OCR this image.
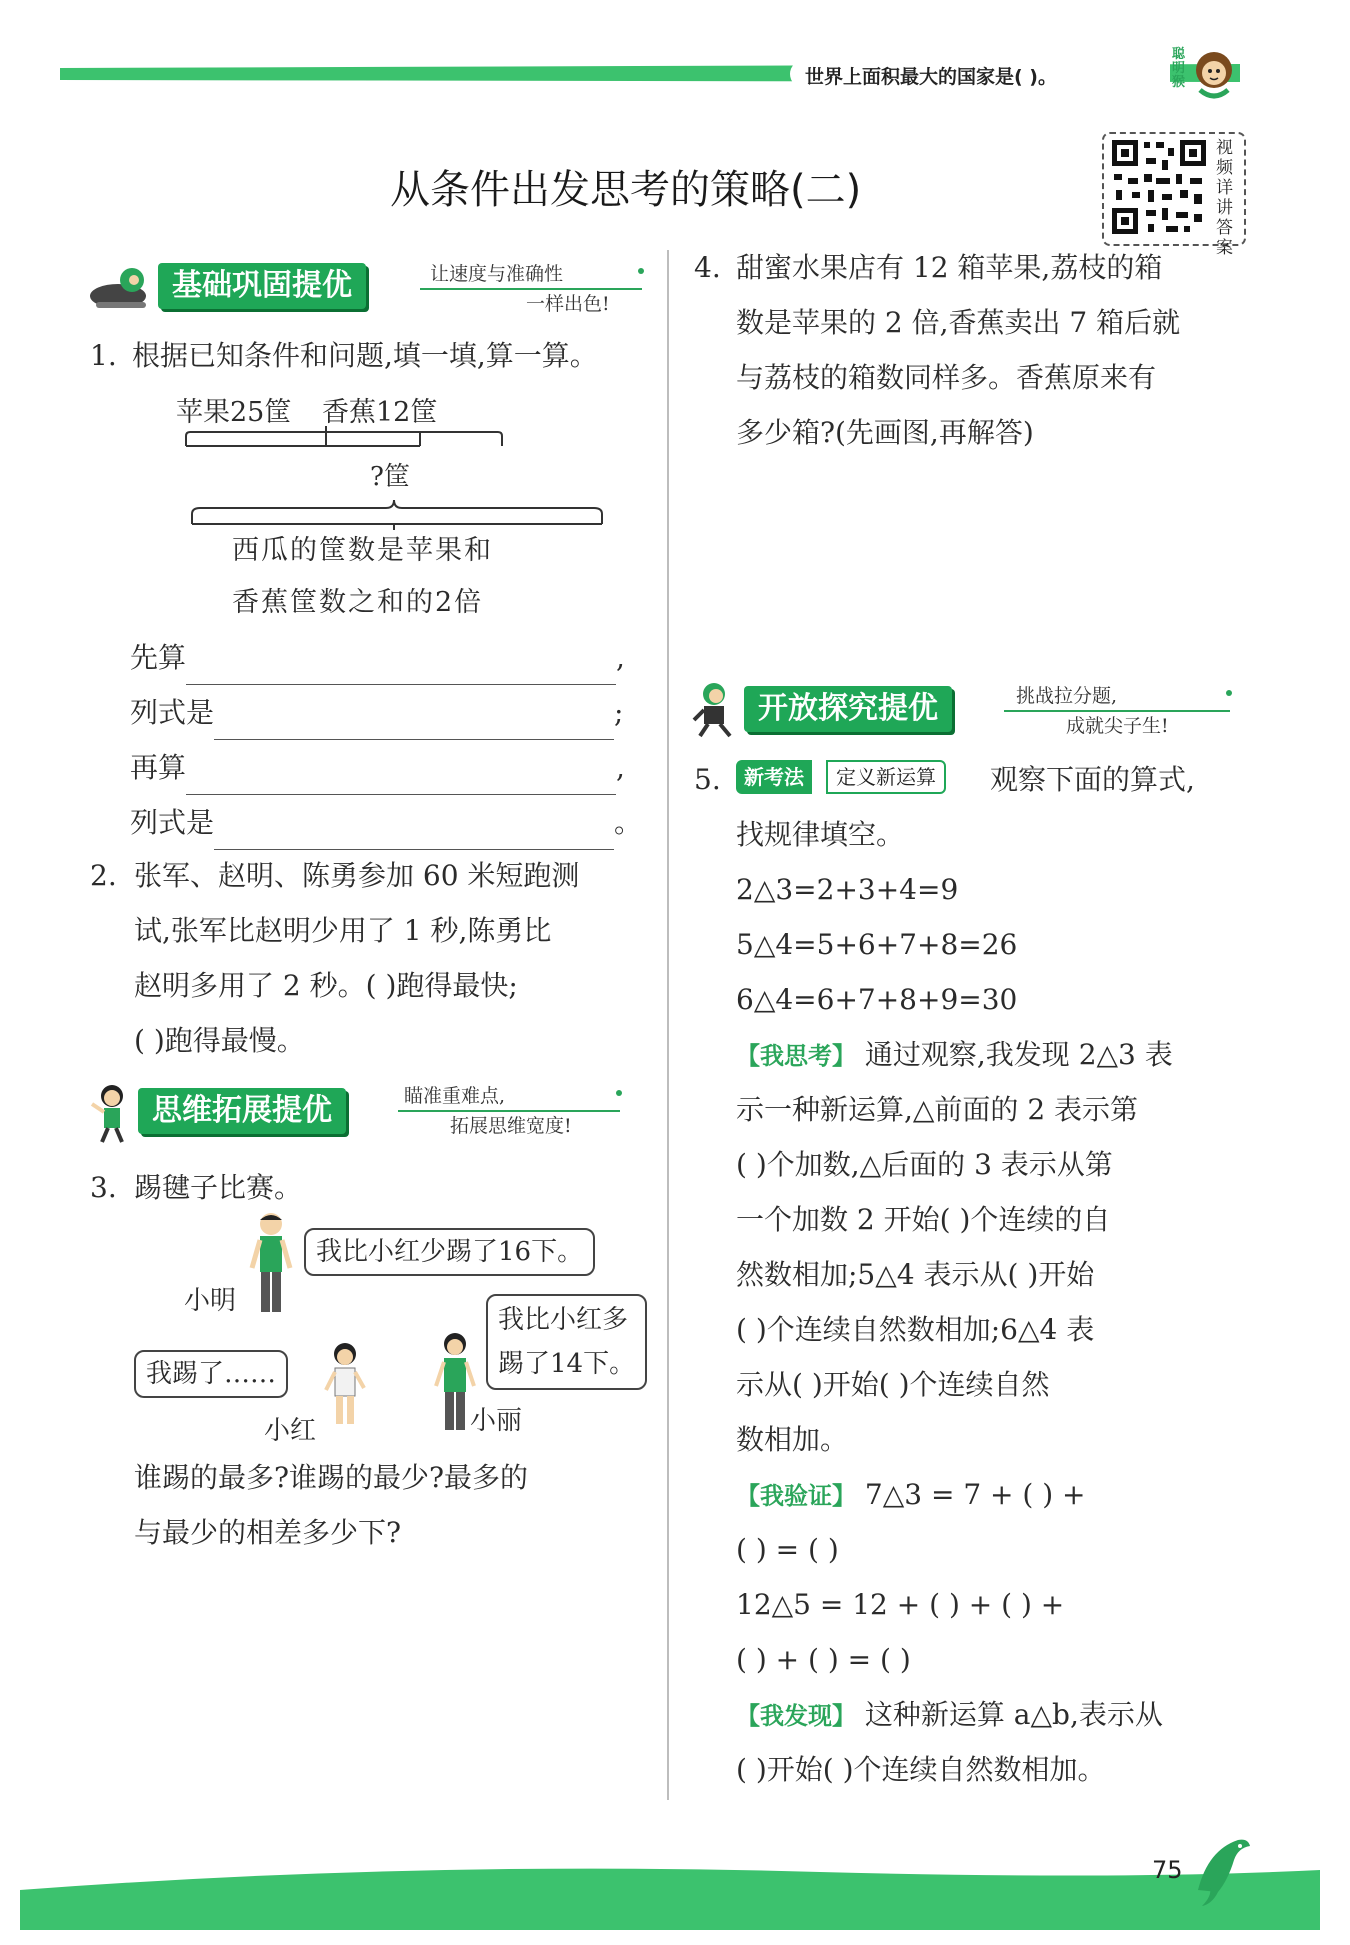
世界上面积最大的国家是( )。
聪明猴
从条件出发思考的策略(二)
视频详讲答案
基础巩固提优	让速度与准确性
一样出色!
1. 根据已知条件和问题,填一填,算一算。
苹果25筐 香蕉12筐
?筐
西瓜的筐数是苹果和
香蕉筐数之和的2倍
先算	,
列式是	;
再算	,
列式是	。
2. 张军、赵明、陈勇参加 60 米短跑测
试,张军比赵明少用了 1 秒,陈勇比
赵明多用了 2 秒。( )跑得最快;
( )跑得最慢。
思维拓展提优	瞄准重难点,
拓展思维宽度!
3. 踢毽子比赛。
我比小红少踢了16下。
小明
我踢了……
小红
我比小红多
踢了14下。
小丽
谁踢的最多?谁踢的最少?最多的
与最少的相差多少下?
4. 甜蜜水果店有 12 箱苹果,荔枝的箱
数是苹果的 2 倍,香蕉卖出 7 箱后就
与荔枝的箱数同样多。香蕉原来有
多少箱?(先画图,再解答)
开放探究提优	挑战拉分题,
成就尖子生!
5.	新考法	定义新运算	观察下面的算式,
找规律填空。
2△3=2+3+4=9
5△4=5+6+7+8=26
6△4=6+7+8+9=30
【我思考】 通过观察,我发现 2△3 表
示一种新运算,△前面的 2 表示第
( )个加数,△后面的 3 表示从第
一个加数 2 开始( )个连续的自
然数相加;5△4 表示从( )开始
( )个连续自然数相加;6△4 表
示从( )开始( )个连续自然
数相加。
【我验证】 7△3 = 7 + ( ) +
( ) = ( )
12△5 = 12 + ( ) + ( ) +
( ) + ( ) = ( )
【我发现】 这种新运算 a△b,表示从
( )开始( )个连续自然数相加。
75
